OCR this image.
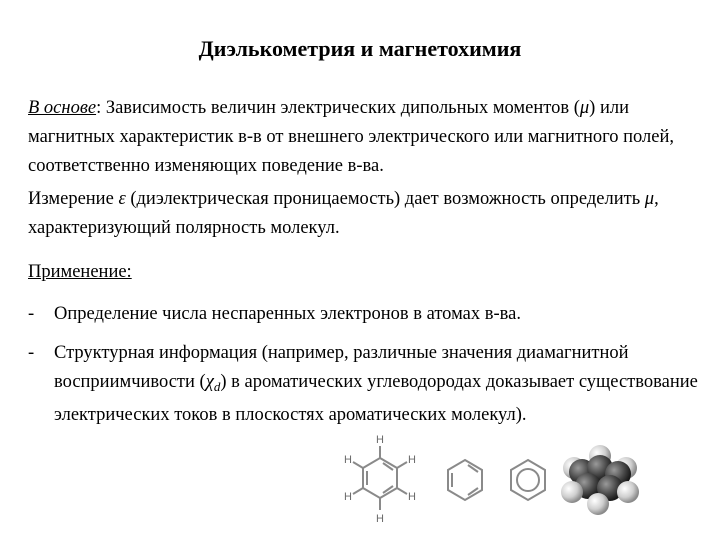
Диэлькометрия и магнетохимия
В основе: Зависимость величин электрических дипольных моментов (μ) или магнитных характеристик в-в от внешнего электрического или магнитного полей, соответственно изменяющих поведение в-ва.
Измерение ε (диэлектрическая проницаемость) дает возможность определить μ, характеризующий полярность молекул.
Применение:
- Определение числа неспаренных электронов в атомах в-ва.
- Структурная информация (например, различные значения диамагнитной восприимчивости $(\chi_d)$ в ароматических углеводородах доказывает существование электрических токов в плоскостях ароматических молекул).
H
H
H
H
H
H
